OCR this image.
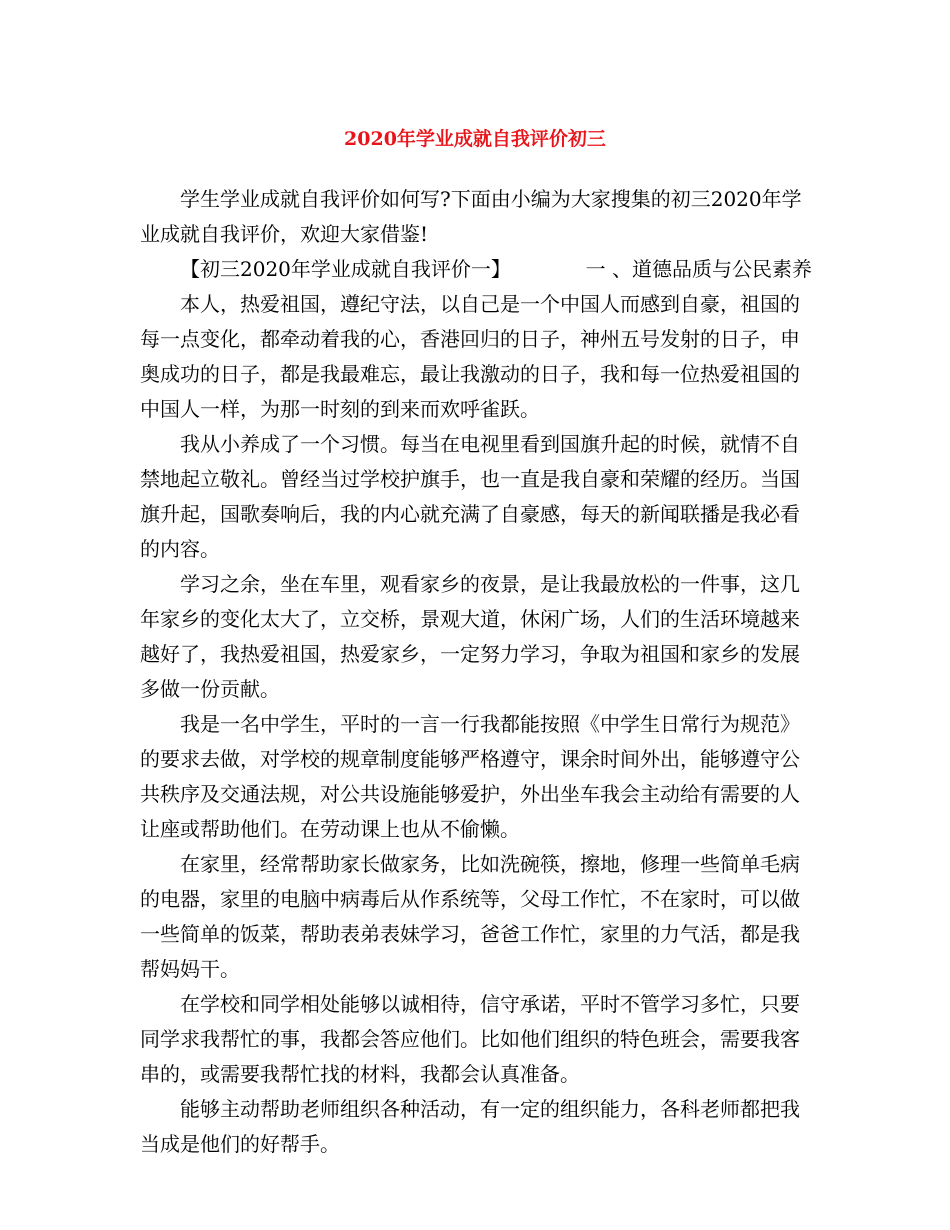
2020年学业成就自我评价初三

学生学业成就自我评价如何写?下面由小编为大家搜集的初三2020年学业成就自我评价，欢迎大家借鉴!

【初三2020年学业成就自我评价一】	一 、道德品质与公民素养

本人，热爱祖国，遵纪守法，以自己是一个中国人而感到自豪，祖国的每一点变化，都牵动着我的心，香港回归的日子，神州五号发射的日子，申奥成功的日子，都是我最难忘，最让我激动的日子，我和每一位热爱祖国的中国人一样，为那一时刻的到来而欢呼雀跃。

我从小养成了一个习惯。每当在电视里看到国旗升起的时候，就情不自禁地起立敬礼。曾经当过学校护旗手，也一直是我自豪和荣耀的经历。当国旗升起，国歌奏响后，我的内心就充满了自豪感，每天的新闻联播是我必看的内容。

学习之余，坐在车里，观看家乡的夜景，是让我最放松的一件事，这几年家乡的变化太大了，立交桥，景观大道，休闲广场，人们的生活环境越来越好了，我热爱祖国，热爱家乡，一定努力学习，争取为祖国和家乡的发展多做一份贡献。

我是一名中学生，平时的一言一行我都能按照《中学生日常行为规范》的要求去做，对学校的规章制度能够严格遵守，课余时间外出，能够遵守公共秩序及交通法规，对公共设施能够爱护，外出坐车我会主动给有需要的人让座或帮助他们。在劳动课上也从不偷懒。

在家里，经常帮助家长做家务，比如洗碗筷，擦地，修理一些简单毛病的电器，家里的电脑中病毒后从作系统等，父母工作忙，不在家时，可以做一些简单的饭菜，帮助表弟表妹学习，爸爸工作忙，家里的力气活，都是我帮妈妈干。

在学校和同学相处能够以诚相待，信守承诺，平时不管学习多忙，只要同学求我帮忙的事，我都会答应他们。比如他们组织的特色班会，需要我客串的，或需要我帮忙找的材料，我都会认真准备。

能够主动帮助老师组织各种活动，有一定的组织能力，各科老师都把我当成是他们的好帮手。
